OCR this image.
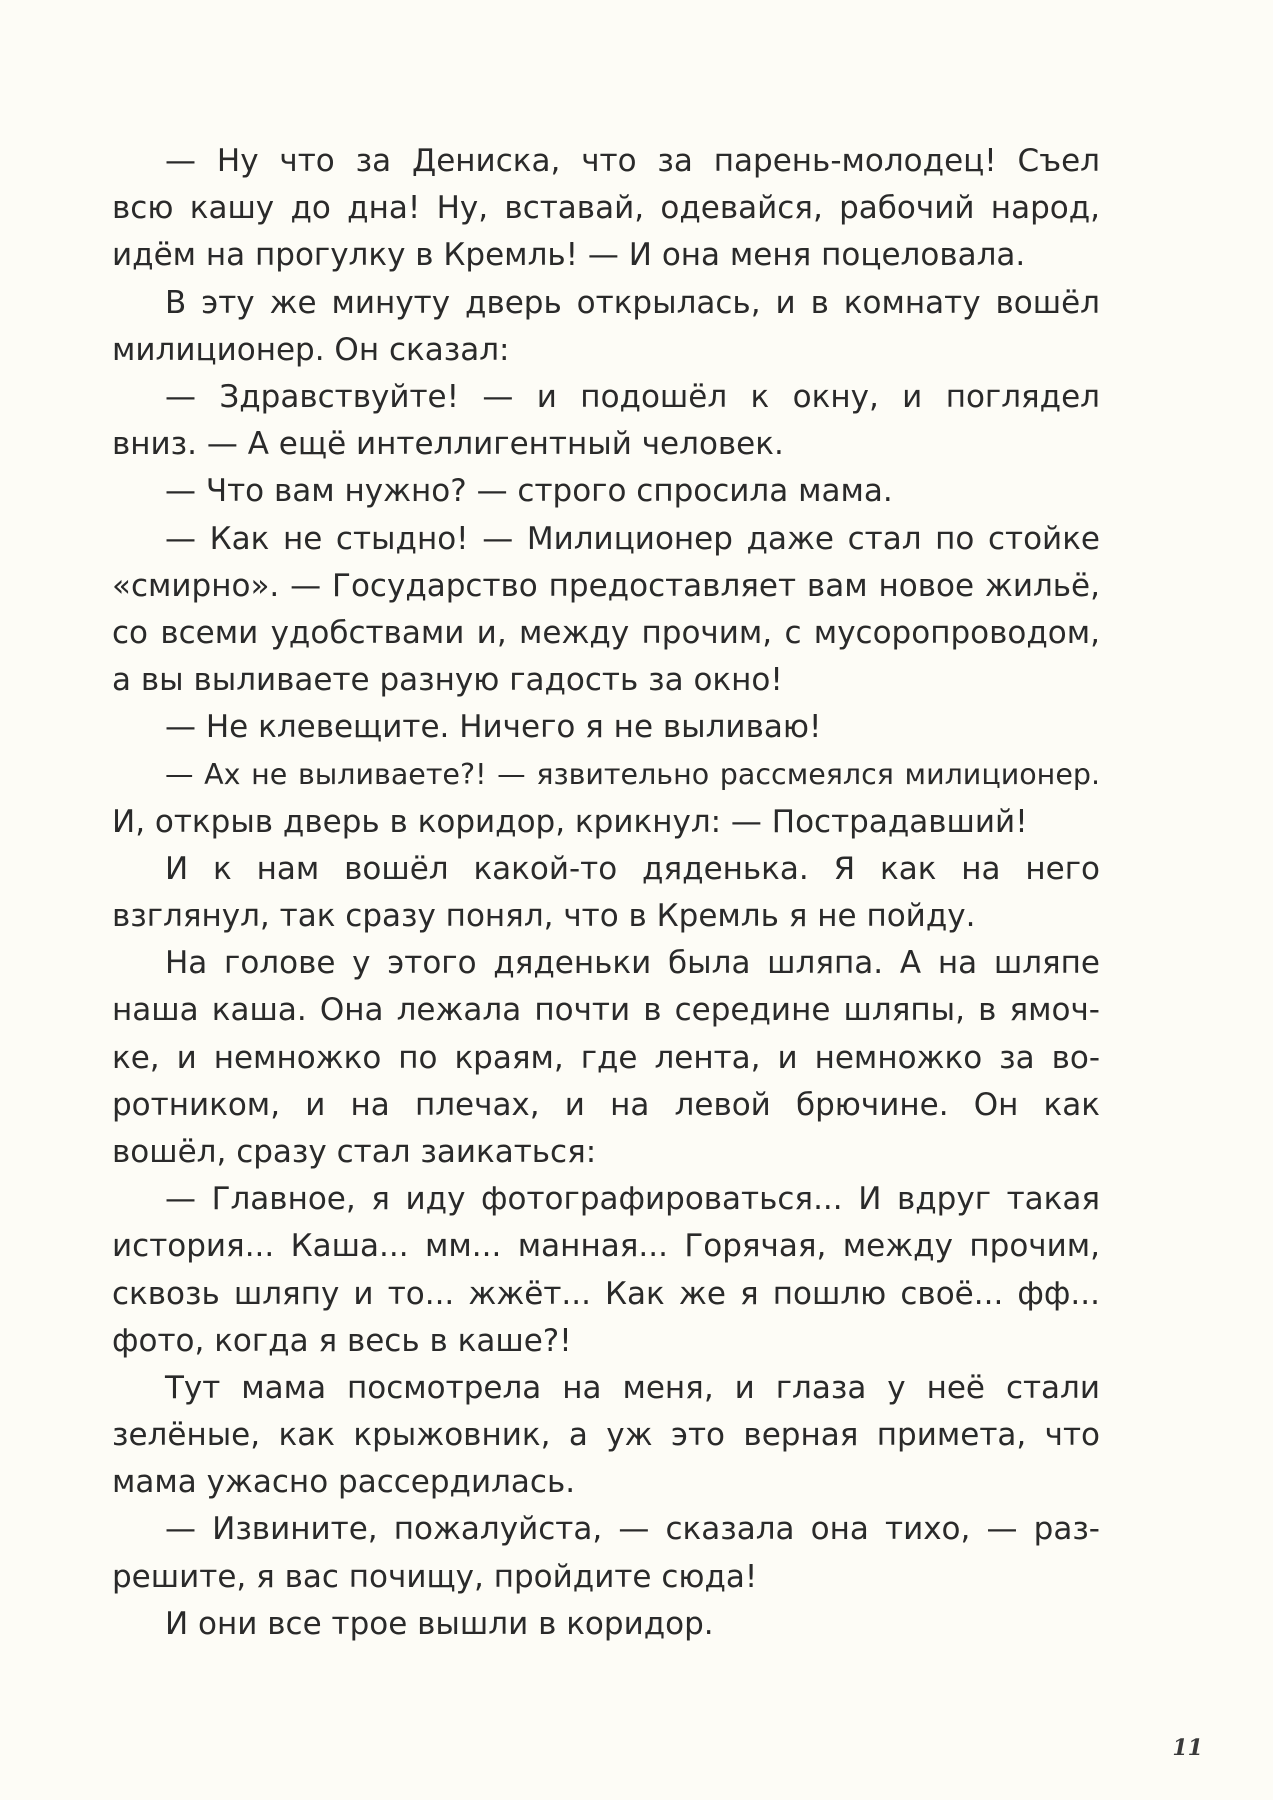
— Ну что за Дениска, что за парень-молодец! Съел
всю кашу до дна! Ну, вставай, одевайся, рабочий народ,
идём на прогулку в Кремль! — И она меня поцеловала.
В эту же минуту дверь открылась, и в комнату вошёл
милиционер. Он сказал:
— Здравствуйте! — и подошёл к окну, и поглядел
вниз. — А ещё интеллигентный человек.
— Что вам нужно? — строго спросила мама.
— Как не стыдно! — Милиционер даже стал по стойке
«смирно». — Государство предоставляет вам новое жильё,
со всеми удобствами и, между прочим, с мусоропроводом,
а вы выливаете разную гадость за окно!
— Не клевещите. Ничего я не выливаю!
— Ах не выливаете?! — язвительно рассмеялся милиционер.
И, открыв дверь в коридор, крикнул: — Пострадавший!
И к нам вошёл какой-то дяденька. Я как на него
взглянул, так сразу понял, что в Кремль я не пойду.
На голове у этого дяденьки была шляпа. А на шляпе
наша каша. Она лежала почти в середине шляпы, в ямоч-
ке, и немножко по краям, где лента, и немножко за во-
ротником, и на плечах, и на левой брючине. Он как
вошёл, сразу стал заикаться:
— Главное, я иду фотографироваться... И вдруг такая
история... Каша... мм... манная... Горячая, между прочим,
сквозь шляпу и то... жжёт... Как же я пошлю своё... фф...
фото, когда я весь в каше?!
Тут мама посмотрела на меня, и глаза у неё стали
зелёные, как крыжовник, а уж это верная примета, что
мама ужасно рассердилась.
— Извините, пожалуйста, — сказала она тихо, — раз-
решите, я вас почищу, пройдите сюда!
И они все трое вышли в коридор.
11
